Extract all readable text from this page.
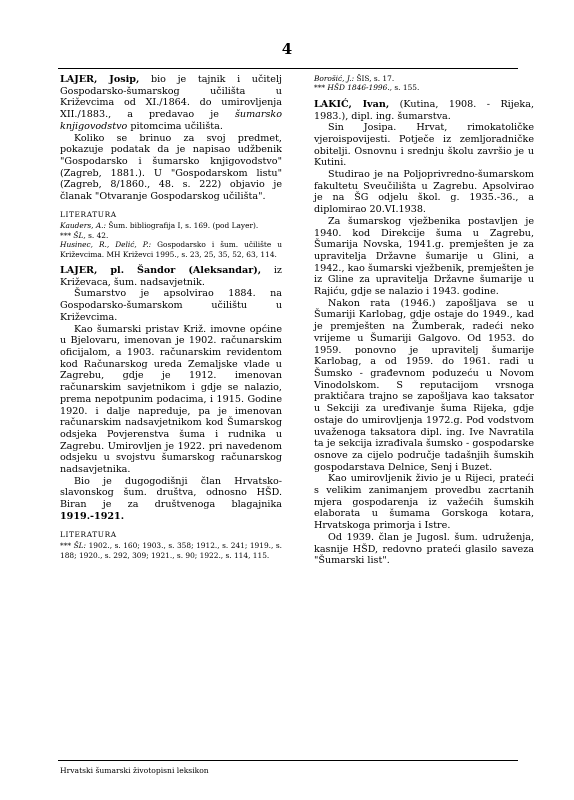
4

LAJER, Josip, bio je tajnik i učitelj Gospodarsko-šumarskog učilišta u Križevcima od XI./1864. do umirovljenja XII./1883., a predavao je šumarsko knjigovodstvo pitomcima učilišta.

Koliko se brinuo za svoj predmet, pokazuje podatak da je napisao udžbenik "Gospodarsko i šumarsko knjigovodstvo" (Zagreb, 1881.). U "Gospodarskom listu" (Zagreb, 8/1860., 48. s. 222) objavio je članak "Otvaranje Gospodarskog učilišta".

LITERATURA

Kauders, A.: Šum. bibliografija I, s. 169. (pod Layer).

*** ŠL, s. 42.

Husinec, R., Delić, P.: Gospodarsko i šum. učilište u Križevcima. MH Križevci 1995., s. 23, 25, 35, 52, 63, 114.

LAJER, pl. Šandor (Aleksandar), iz Križevaca, šum. nadsavjetnik.

Šumarstvo je apsolvirao 1884. na Gospodarsko-šumarskom učilištu u Križevcima.

Kao šumarski pristav Križ. imovne općine u Bjelovaru, imenovan je 1902. računarskim oficijalom, a 1903. računarskim revidentom kod Računarskog ureda Zemaljske vlade u Zagrebu, gdje je 1912. imenovan računarskim savjetnikom i gdje se nalazio, prema nepotpunim podacima, i 1915. Godine 1920. i dalje napreduje, pa je imenovan računarskim nadsavjetnikom kod Šumarskog odsjeka Povjerenstva šuma i rudnika u Zagrebu. Umirovljen je 1922. pri navedenom odsjeku u svojstvu šumarskog računarskog nadsavjetnika.

Bio je dugogodišnji član Hrvatsko-slavonskog šum. društva, odnosno HŠD. Biran je za društvenoga blagajnika 1919.-1921.

LITERATURA

*** ŠL: 1902., s. 160; 1903., s. 358; 1912., s. 241; 1919., s. 188; 1920., s. 292, 309; 1921., s. 90; 1922., s. 114, 115.

Borošić, J.: ŠIS, s. 17.

*** HŠD 1846-1996., s. 155.

LAKIĆ, Ivan, (Kutina, 1908. - Rijeka, 1983.), dipl. ing. šumarstva.

Sin Josipa. Hrvat, rimokatoličke vjeroispovijesti. Potječe iz zemljoradničke obitelji. Osnovnu i srednju školu završio je u Kutini.

Studirao je na Poljoprivredno-šumarskom fakultetu Sveučilišta u Zagrebu. Apsolvirao je na ŠG odjelu škol. g. 1935.-36., a diplomirao 20.VI.1938.

Za šumarskog vježbenika postavljen je 1940. kod Direkcije šuma u Zagrebu, Šumarija Novska, 1941.g. premješten je za upravitelja Državne šumarije u Glini, a 1942., kao šumarski vježbenik, premješten je iz Gline za upravitelja Državne šumarije u Rajiću, gdje se nalazio i 1943. godine.

Nakon rata (1946.) zapošljava se u Šumariji Karlobag, gdje ostaje do 1949., kad je premješten na Žumberak, radeći neko vrijeme u Šumariji Galgovo. Od 1953. do 1959. ponovno je upravitelj šumarije Karlobag, a od 1959. do 1961. radi u Šumsko - građevnom poduzeću u Novom Vinodolskom. S reputacijom vrsnoga praktičara trajno se zapošljava kao taksator u Sekciji za uređivanje šuma Rijeka, gdje ostaje do umirovljenja 1972.g. Pod vodstvom uvaženoga taksatora dipl. ing. Ive Navratila ta je sekcija izrađivala šumsko - gospodarske osnove za cijelo područje tadašnjih šumskih gospodarstava Delnice, Senj i Buzet.

Kao umirovljenik živio je u Rijeci, prateći s velikim zanimanjem provedbu zacrtanih mjera gospodarenja iz važećih šumskih elaborata u šumama Gorskoga kotara, Hrvatskoga primorja i Istre.

Od 1939. član je Jugosl. šum. udruženja, kasnije HŠD, redovno prateći glasilo saveza "Šumarski list".

Hrvatski šumarski životopisni leksikon
